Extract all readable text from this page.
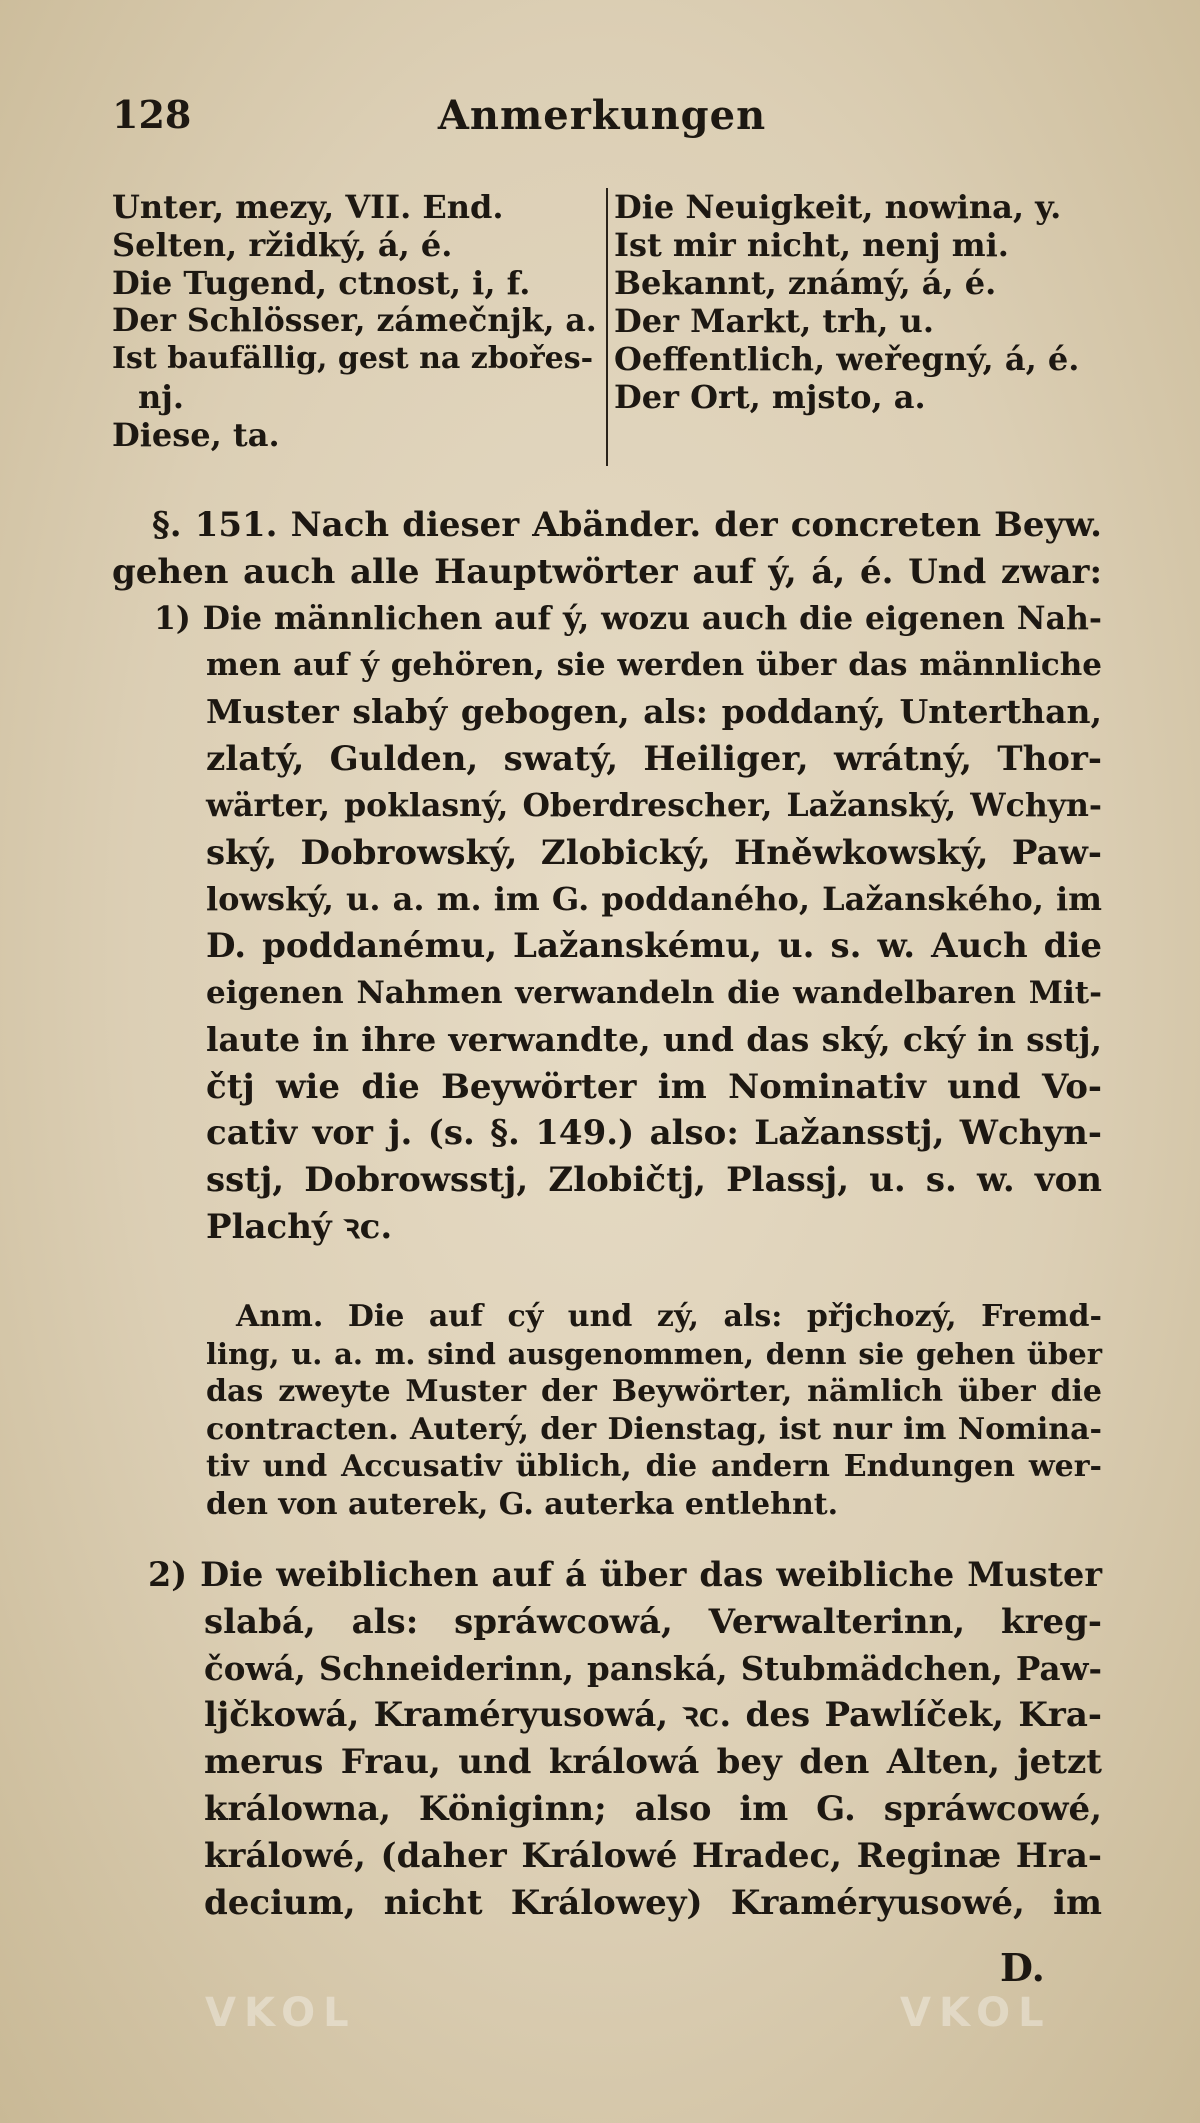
128	Anmerkungen
Unter, mezy, VII. End.
Selten, ržidký, á, é.
Die Tugend, ctnost, i, f.
Der Schlösser, zámečnjk, a.
Ist baufällig, gest na zbořes-
nj.
Diese, ta.
Die Neuigkeit, nowina, y.
Ist mir nicht, nenj mi.
Bekannt, známý, á, é.
Der Markt, trh, u.
Oeffentlich, weřegný, á, é.
Der Ort, mjsto, a.
§. 151. Nach dieser Abänder. der concreten Beyw.
gehen auch alle Hauptwörter auf ý, á, é. Und zwar:
1) Die männlichen auf ý, wozu auch die eigenen Nah-
men auf ý gehören, sie werden über das männliche
Muster slabý gebogen, als: poddaný, Unterthan,
zlatý, Gulden, swatý, Heiliger, wrátný, Thor-
wärter, poklasný, Oberdrescher, Lažanský, Wchyn-
ský, Dobrowský, Zlobický, Hněwkowský, Paw-
lowský, u. a. m. im G. poddaného, Lažanského, im
D. poddanému, Lažanskému, u. s. w. Auch die
eigenen Nahmen verwandeln die wandelbaren Mit-
laute in ihre verwandte, und das ský, cký in sstj,
čtj wie die Beywörter im Nominativ und Vo-
cativ vor j. (s. §. 149.) also: Lažansstj, Wchyn-
sstj, Dobrowsstj, Zlobičtj, Plassj, u. s. w. von
Plachý ꝛc.
Anm. Die auf cý und zý, als: přjchozý, Fremd-
ling, u. a. m. sind ausgenommen, denn sie gehen über
das zweyte Muster der Beywörter, nämlich über die
contracten. Auterý, der Dienstag, ist nur im Nomina-
tiv und Accusativ üblich, die andern Endungen wer-
den von auterek, G. auterka entlehnt.
2) Die weiblichen auf á über das weibliche Muster
slabá, als: spráwcowá, Verwalterinn, kreg-
čowá, Schneiderinn, panská, Stubmädchen, Paw-
ljčkowá, Kraméryusowá, ꝛc. des Pawlíček, Kra-
merus Frau, und králowá bey den Alten, jetzt
králowna, Königinn; also im G. spráwcowé,
králowé, (daher Králowé Hradec, Reginæ Hra-
decium, nicht Králowey) Kraméryusowé, im
D.
VKOL	VKOL
